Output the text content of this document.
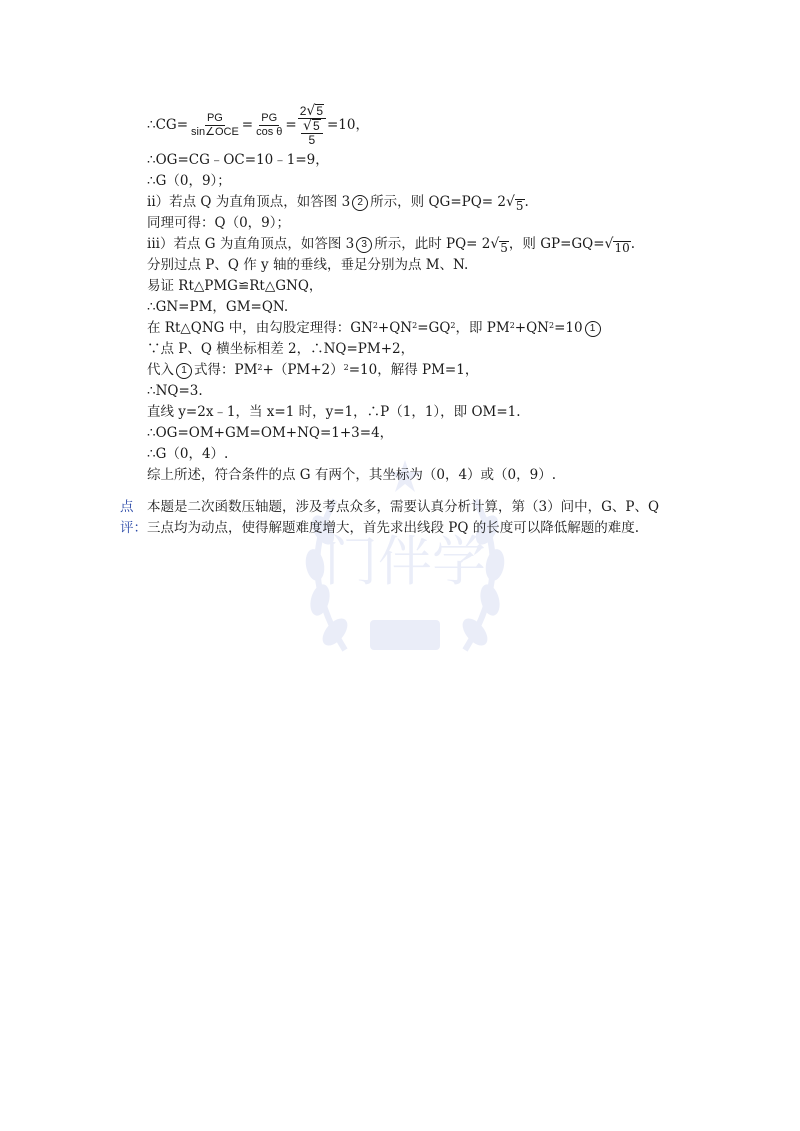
门伴学
∴CG= $\frac{PG}{\text{sin∠OCE}} = \frac{PG}{\text{cos θ}} = \frac{2 √ 5}{\frac{√ 5}{5}} =10$，
∴OG=CG﹣OC=10﹣1=9，
∴G（0，9）；
ii）若点 Q 为直角顶点，如答图 3 2 所示，则 QG=PQ= 2 √ 5 .
同理可得：Q（0，9）；
iii）若点 G 为直角顶点，如答图 3 3 所示，此时 PQ= 2 √ 5 ，则 GP=GQ= √ 10 .
分别过点 P、Q 作 y 轴的垂线，垂足分别为点 M、N.
易证 Rt△PMG≌Rt△GNQ，
∴GN=PM，GM=QN.
在 Rt△QNG 中，由勾股定理得：$GN^2 +QN^2 =GQ^2$ ，即 $PM^2 +QN^2 =10$ 1
∵点 P、Q 横坐标相差 2，∴NQ=PM+2，
代入 1 式得：$PM^2 +(PM+2)^2 =10$，解得 PM=1，
∴NQ=3.
直线 y=2x﹣1，当 x=1 时，y=1，∴P（1，1），即 OM=1.
∴OG=OM+GM=OM+NQ=1+3=4，
∴G（0，4）.
综上所述，符合条件的点 G 有两个，其坐标为（0，4）或（0，9）.
点	本题是二次函数压轴题，涉及考点众多，需要认真分析计算，第（3）问中，G、P、Q
评： 三点均为动点，使得解题难度增大，首先求出线段 PQ 的长度可以降低解题的难度.
